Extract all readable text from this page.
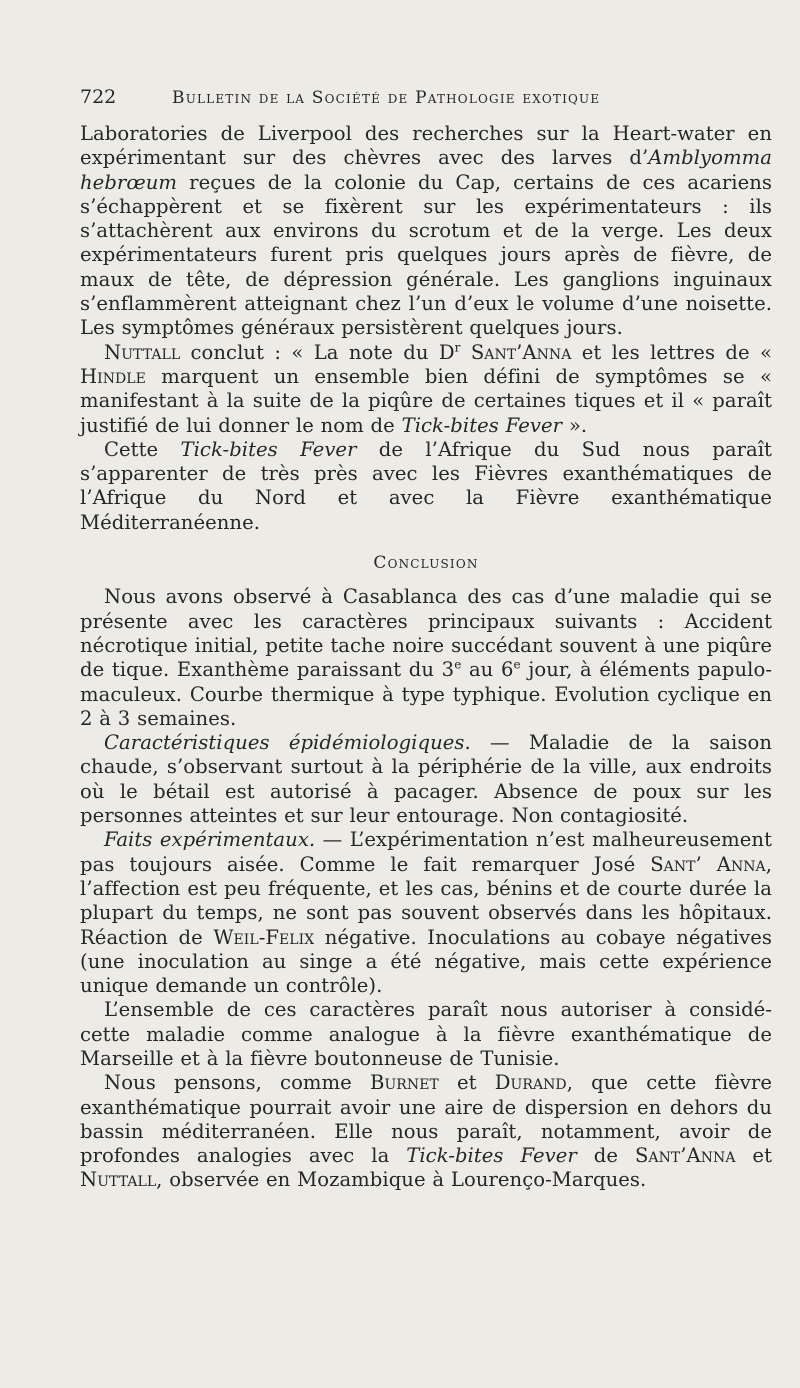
722	Bulletin de la Société de Pathologie exotique

Laboratories de Liverpool des recherches sur la Heart-water en expérimentant sur des chèvres avec des larves d’Amblyomma hebrœum reçues de la colonie du Cap, certains de ces acariens s’échappèrent et se fixèrent sur les expérimentateurs : ils s’attachèrent aux environs du scrotum et de la verge. Les deux expérimentateurs furent pris quelques jours après de fièvre, de maux de tête, de dépression générale. Les ganglions inguinaux s’enflammèrent atteignant chez l’un d’eux le volume d’une noisette. Les symptômes généraux persistèrent quelques jours.

Nuttall conclut : « La note du $D^r$ Sant’Anna et les lettres de « Hindle marquent un ensemble bien défini de symptômes se « manifestant à la suite de la piqûre de certaines tiques et il « paraît justifié de lui donner le nom de Tick-bites Fever ».

Cette Tick-bites Fever de l’Afrique du Sud nous paraît s’apparenter de très près avec les Fièvres exanthématiques de l’Afrique du Nord et avec la Fièvre exanthématique Méditerranéenne.

Conclusion

Nous avons observé à Casablanca des cas d’une maladie qui se présente avec les caractères principaux suivants : Accident nécrotique initial, petite tache noire succédant souvent à une piqûre de tique. Exanthème paraissant du 3e au 6e jour, à éléments papulo-maculeux. Courbe thermique à type typhique. Evolution cyclique en 2 à 3 semaines.

Caractéristiques épidémiologiques. — Maladie de la saison chaude, s’observant surtout à la périphérie de la ville, aux endroits où le bétail est autorisé à pacager. Absence de poux sur les personnes atteintes et sur leur entourage. Non contagiosité.

Faits expérimentaux. — L’expérimentation n’est malheureusement pas toujours aisée. Comme le fait remarquer José Sant’ Anna, l’affection est peu fréquente, et les cas, bénins et de courte durée la plupart du temps, ne sont pas souvent observés dans les hôpitaux. Réaction de Weil-Felix négative. Inoculations au cobaye négatives (une inoculation au singe a été négative, mais cette expérience unique demande un contrôle).

L’ensemble de ces caractères paraît nous autoriser à considé- cette maladie comme analogue à la fièvre exanthématique de Marseille et à la fièvre boutonneuse de Tunisie.

Nous pensons, comme Burnet et Durand, que cette fièvre exanthématique pourrait avoir une aire de dispersion en dehors du bassin méditerranéen. Elle nous paraît, notamment, avoir de profondes analogies avec la Tick-bites Fever de Sant’Anna et Nuttall, observée en Mozambique à Lourenço-Marques.
